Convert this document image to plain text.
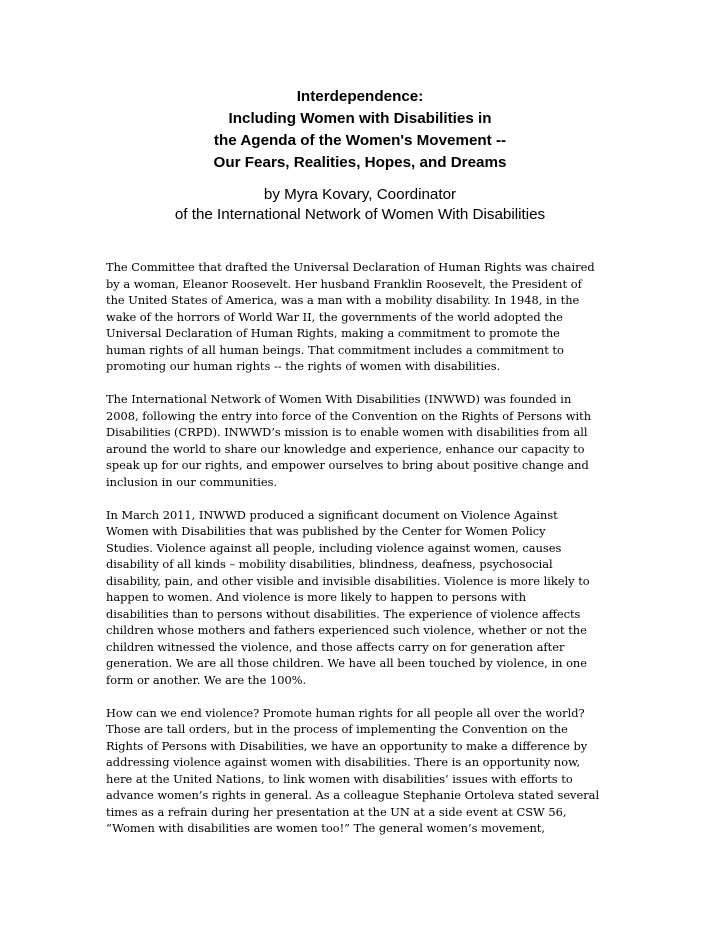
Interdependence:
Including Women with Disabilities in
the Agenda of the Women's Movement --
Our Fears, Realities, Hopes, and Dreams
by Myra Kovary, Coordinator
of the International Network of Women With Disabilities
The Committee that drafted the Universal Declaration of Human Rights was chaired
by a woman, Eleanor Roosevelt. Her husband Franklin Roosevelt, the President of
the United States of America, was a man with a mobility disability. In 1948, in the
wake of the horrors of World War II, the governments of the world adopted the
Universal Declaration of Human Rights, making a commitment to promote the
human rights of all human beings. That commitment includes a commitment to
promoting our human rights -- the rights of women with disabilities.
The International Network of Women With Disabilities (INWWD) was founded in
2008, following the entry into force of the Convention on the Rights of Persons with
Disabilities (CRPD). INWWD’s mission is to enable women with disabilities from all
around the world to share our knowledge and experience, enhance our capacity to
speak up for our rights, and empower ourselves to bring about positive change and
inclusion in our communities.
In March 2011, INWWD produced a significant document on Violence Against
Women with Disabilities that was published by the Center for Women Policy
Studies. Violence against all people, including violence against women, causes
disability of all kinds – mobility disabilities, blindness, deafness, psychosocial
disability, pain, and other visible and invisible disabilities. Violence is more likely to
happen to women. And violence is more likely to happen to persons with
disabilities than to persons without disabilities. The experience of violence affects
children whose mothers and fathers experienced such violence, whether or not the
children witnessed the violence, and those affects carry on for generation after
generation. We are all those children. We have all been touched by violence, in one
form or another. We are the 100%.
How can we end violence? Promote human rights for all people all over the world?
Those are tall orders, but in the process of implementing the Convention on the
Rights of Persons with Disabilities, we have an opportunity to make a difference by
addressing violence against women with disabilities. There is an opportunity now,
here at the United Nations, to link women with disabilities’ issues with efforts to
advance women’s rights in general. As a colleague Stephanie Ortoleva stated several
times as a refrain during her presentation at the UN at a side event at CSW 56,
“Women with disabilities are women too!” The general women’s movement,
